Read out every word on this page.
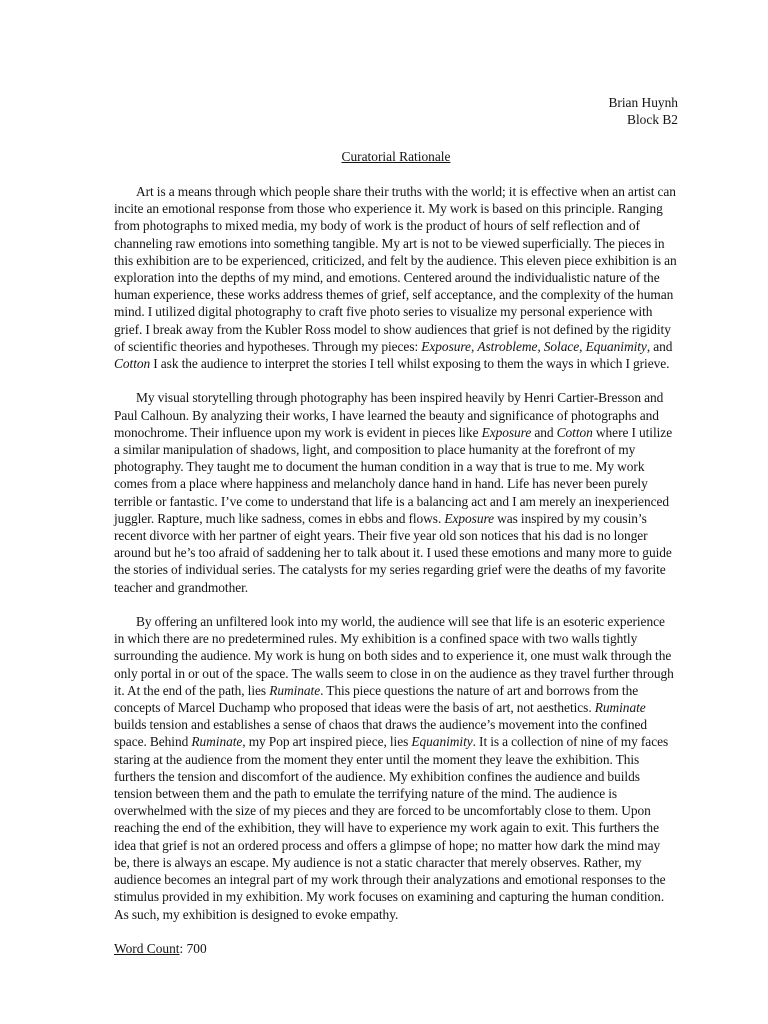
Brian Huynh
Block B2
Curatorial Rationale

Art is a means through which people share their truths with the world; it is effective when an artist can incite an emotional response from those who experience it. My work is based on this principle. Ranging from photographs to mixed media, my body of work is the product of hours of self reflection and of channeling raw emotions into something tangible. My art is not to be viewed superficially. The pieces in this exhibition are to be experienced, criticized, and felt by the audience. This eleven piece exhibition is an exploration into the depths of my mind, and emotions. Centered around the individualistic nature of the human experience, these works address themes of grief, self acceptance, and the complexity of the human mind. I utilized digital photography to craft five photo series to visualize my personal experience with grief. I break away from the Kubler Ross model to show audiences that grief is not defined by the rigidity of scientific theories and hypotheses. Through my pieces: Exposure, Astrobleme, Solace, Equanimity, and Cotton I ask the audience to interpret the stories I tell whilst exposing to them the ways in which I grieve.

My visual storytelling through photography has been inspired heavily by Henri Cartier-Bresson and Paul Calhoun. By analyzing their works, I have learned the beauty and significance of photographs and monochrome. Their influence upon my work is evident in pieces like Exposure and Cotton where I utilize a similar manipulation of shadows, light, and composition to place humanity at the forefront of my photography. They taught me to document the human condition in a way that is true to me. My work comes from a place where happiness and melancholy dance hand in hand. Life has never been purely terrible or fantastic. I’ve come to understand that life is a balancing act and I am merely an inexperienced juggler. Rapture, much like sadness, comes in ebbs and flows. Exposure was inspired by my cousin’s recent divorce with her partner of eight years. Their five year old son notices that his dad is no longer around but he’s too afraid of saddening her to talk about it. I used these emotions and many more to guide the stories of individual series. The catalysts for my series regarding grief were the deaths of my favorite teacher and grandmother.

By offering an unfiltered look into my world, the audience will see that life is an esoteric experience in which there are no predetermined rules. My exhibition is a confined space with two walls tightly surrounding the audience. My work is hung on both sides and to experience it, one must walk through the only portal in or out of the space. The walls seem to close in on the audience as they travel further through it. At the end of the path, lies Ruminate. This piece questions the nature of art and borrows from the concepts of Marcel Duchamp who proposed that ideas were the basis of art, not aesthetics. Ruminate builds tension and establishes a sense of chaos that draws the audience’s movement into the confined space. Behind Ruminate, my Pop art inspired piece, lies Equanimity. It is a collection of nine of my faces staring at the audience from the moment they enter until the moment they leave the exhibition. This furthers the tension and discomfort of the audience. My exhibition confines the audience and builds tension between them and the path to emulate the terrifying nature of the mind. The audience is overwhelmed with the size of my pieces and they are forced to be uncomfortably close to them. Upon reaching the end of the exhibition, they will have to experience my work again to exit. This furthers the idea that grief is not an ordered process and offers a glimpse of hope; no matter how dark the mind may be, there is always an escape. My audience is not a static character that merely observes. Rather, my audience becomes an integral part of my work through their analyzations and emotional responses to the stimulus provided in my exhibition. My work focuses on examining and capturing the human condition. As such, my exhibition is designed to evoke empathy.

Word Count: 700
